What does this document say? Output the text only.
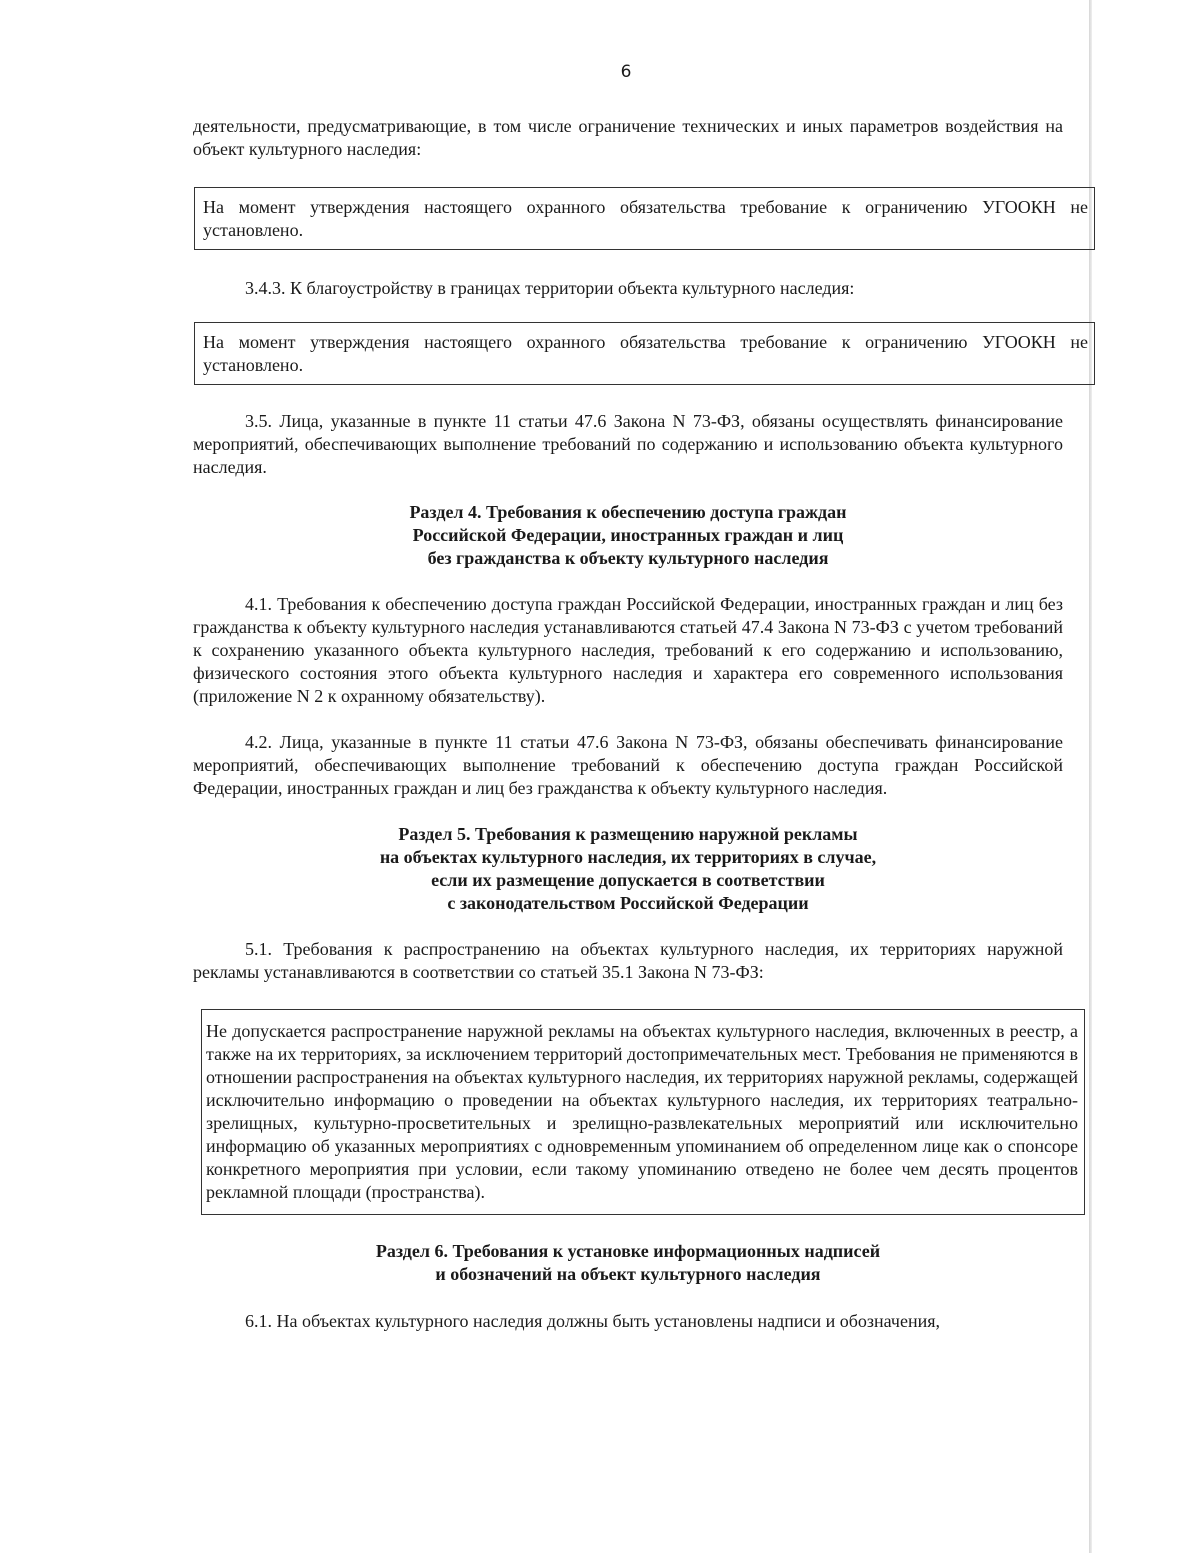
6

деятельности, предусматривающие, в том числе ограничение технических и иных параметров воздействия на объект культурного наследия:

На момент утверждения настоящего охранного обязательства требование к ограничению УГООКН не установлено.

3.4.3. К благоустройству в границах территории объекта культурного наследия:

На момент утверждения настоящего охранного обязательства требование к ограничению УГООКН не установлено.

3.5. Лица, указанные в пункте 11 статьи 47.6 Закона N 73-ФЗ, обязаны осуществлять финансирование мероприятий, обеспечивающих выполнение требований по содержанию и использованию объекта культурного наследия.

Раздел 4. Требования к обеспечению доступа граждан
Российской Федерации, иностранных граждан и лиц
без гражданства к объекту культурного наследия

4.1. Требования к обеспечению доступа граждан Российской Федерации, иностранных граждан и лиц без гражданства к объекту культурного наследия устанавливаются статьей 47.4 Закона N 73-ФЗ с учетом требований к сохранению указанного объекта культурного наследия, требований к его содержанию и использованию, физического состояния этого объекта культурного наследия и характера его современного использования (приложение N 2 к охранному обязательству).

4.2. Лица, указанные в пункте 11 статьи 47.6 Закона N 73-ФЗ, обязаны обеспечивать финансирование мероприятий, обеспечивающих выполнение требований к обеспечению доступа граждан Российской Федерации, иностранных граждан и лиц без гражданства к объекту культурного наследия.

Раздел 5. Требования к размещению наружной рекламы
на объектах культурного наследия, их территориях в случае,
если их размещение допускается в соответствии
с законодательством Российской Федерации

5.1. Требования к распространению на объектах культурного наследия, их территориях наружной рекламы устанавливаются в соответствии со статьей 35.1 Закона N 73-ФЗ:

Не допускается распространение наружной рекламы на объектах культурного наследия, включенных в реестр, а также на их территориях, за исключением территорий достопримечательных мест. Требования не применяются в отношении распространения на объектах культурного наследия, их территориях наружной рекламы, содержащей исключительно информацию о проведении на объектах культурного наследия, их территориях театрально-зрелищных, культурно-просветительных и зрелищно-развлекательных мероприятий или исключительно информацию об указанных мероприятиях с одновременным упоминанием об определенном лице как о спонсоре конкретного мероприятия при условии, если такому упоминанию отведено не более чем десять процентов рекламной площади (пространства).

Раздел 6. Требования к установке информационных надписей
и обозначений на объект культурного наследия

6.1. На объектах культурного наследия должны быть установлены надписи и обозначения,
